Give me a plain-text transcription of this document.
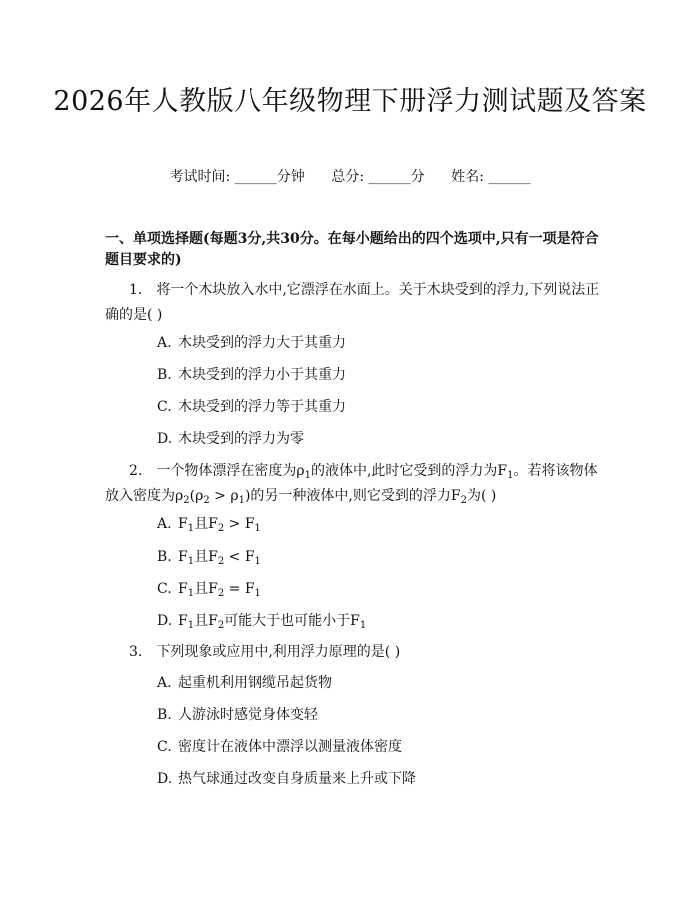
2026年人教版八年级物理下册浮力测试题及答案
考试时间: ______分钟 总分: ______分 姓名: ______
一、单项选择题(每题3分,共30分。在每小题给出的四个选项中,只有一项是符合题目要求的)
1. 将一个木块放入水中,它漂浮在水面上。关于木块受到的浮力,下列说法正确的是( )
A. 木块受到的浮力大于其重力
B. 木块受到的浮力小于其重力
C. 木块受到的浮力等于其重力
D. 木块受到的浮力为零
2. 一个物体漂浮在密度为$\rho_1$的液体中,此时它受到的浮力为$F_1$。若将该物体放入密度为$\rho_2(\rho_2 > \rho_1)$的另一种液体中,则它受到的浮力$F_2$为( )
A. $F_1$且$F_2 > F_1$
B. $F_1$且$F_2 < F_1$
C. $F_1$且$F_2 = F_1$
D. $F_1$且$F_2$可能大于也可能小于$F_1$
3. 下列现象或应用中,利用浮力原理的是( )
A. 起重机利用钢缆吊起货物
B. 人游泳时感觉身体变轻
C. 密度计在液体中漂浮以测量液体密度
D. 热气球通过改变自身质量来上升或下降
